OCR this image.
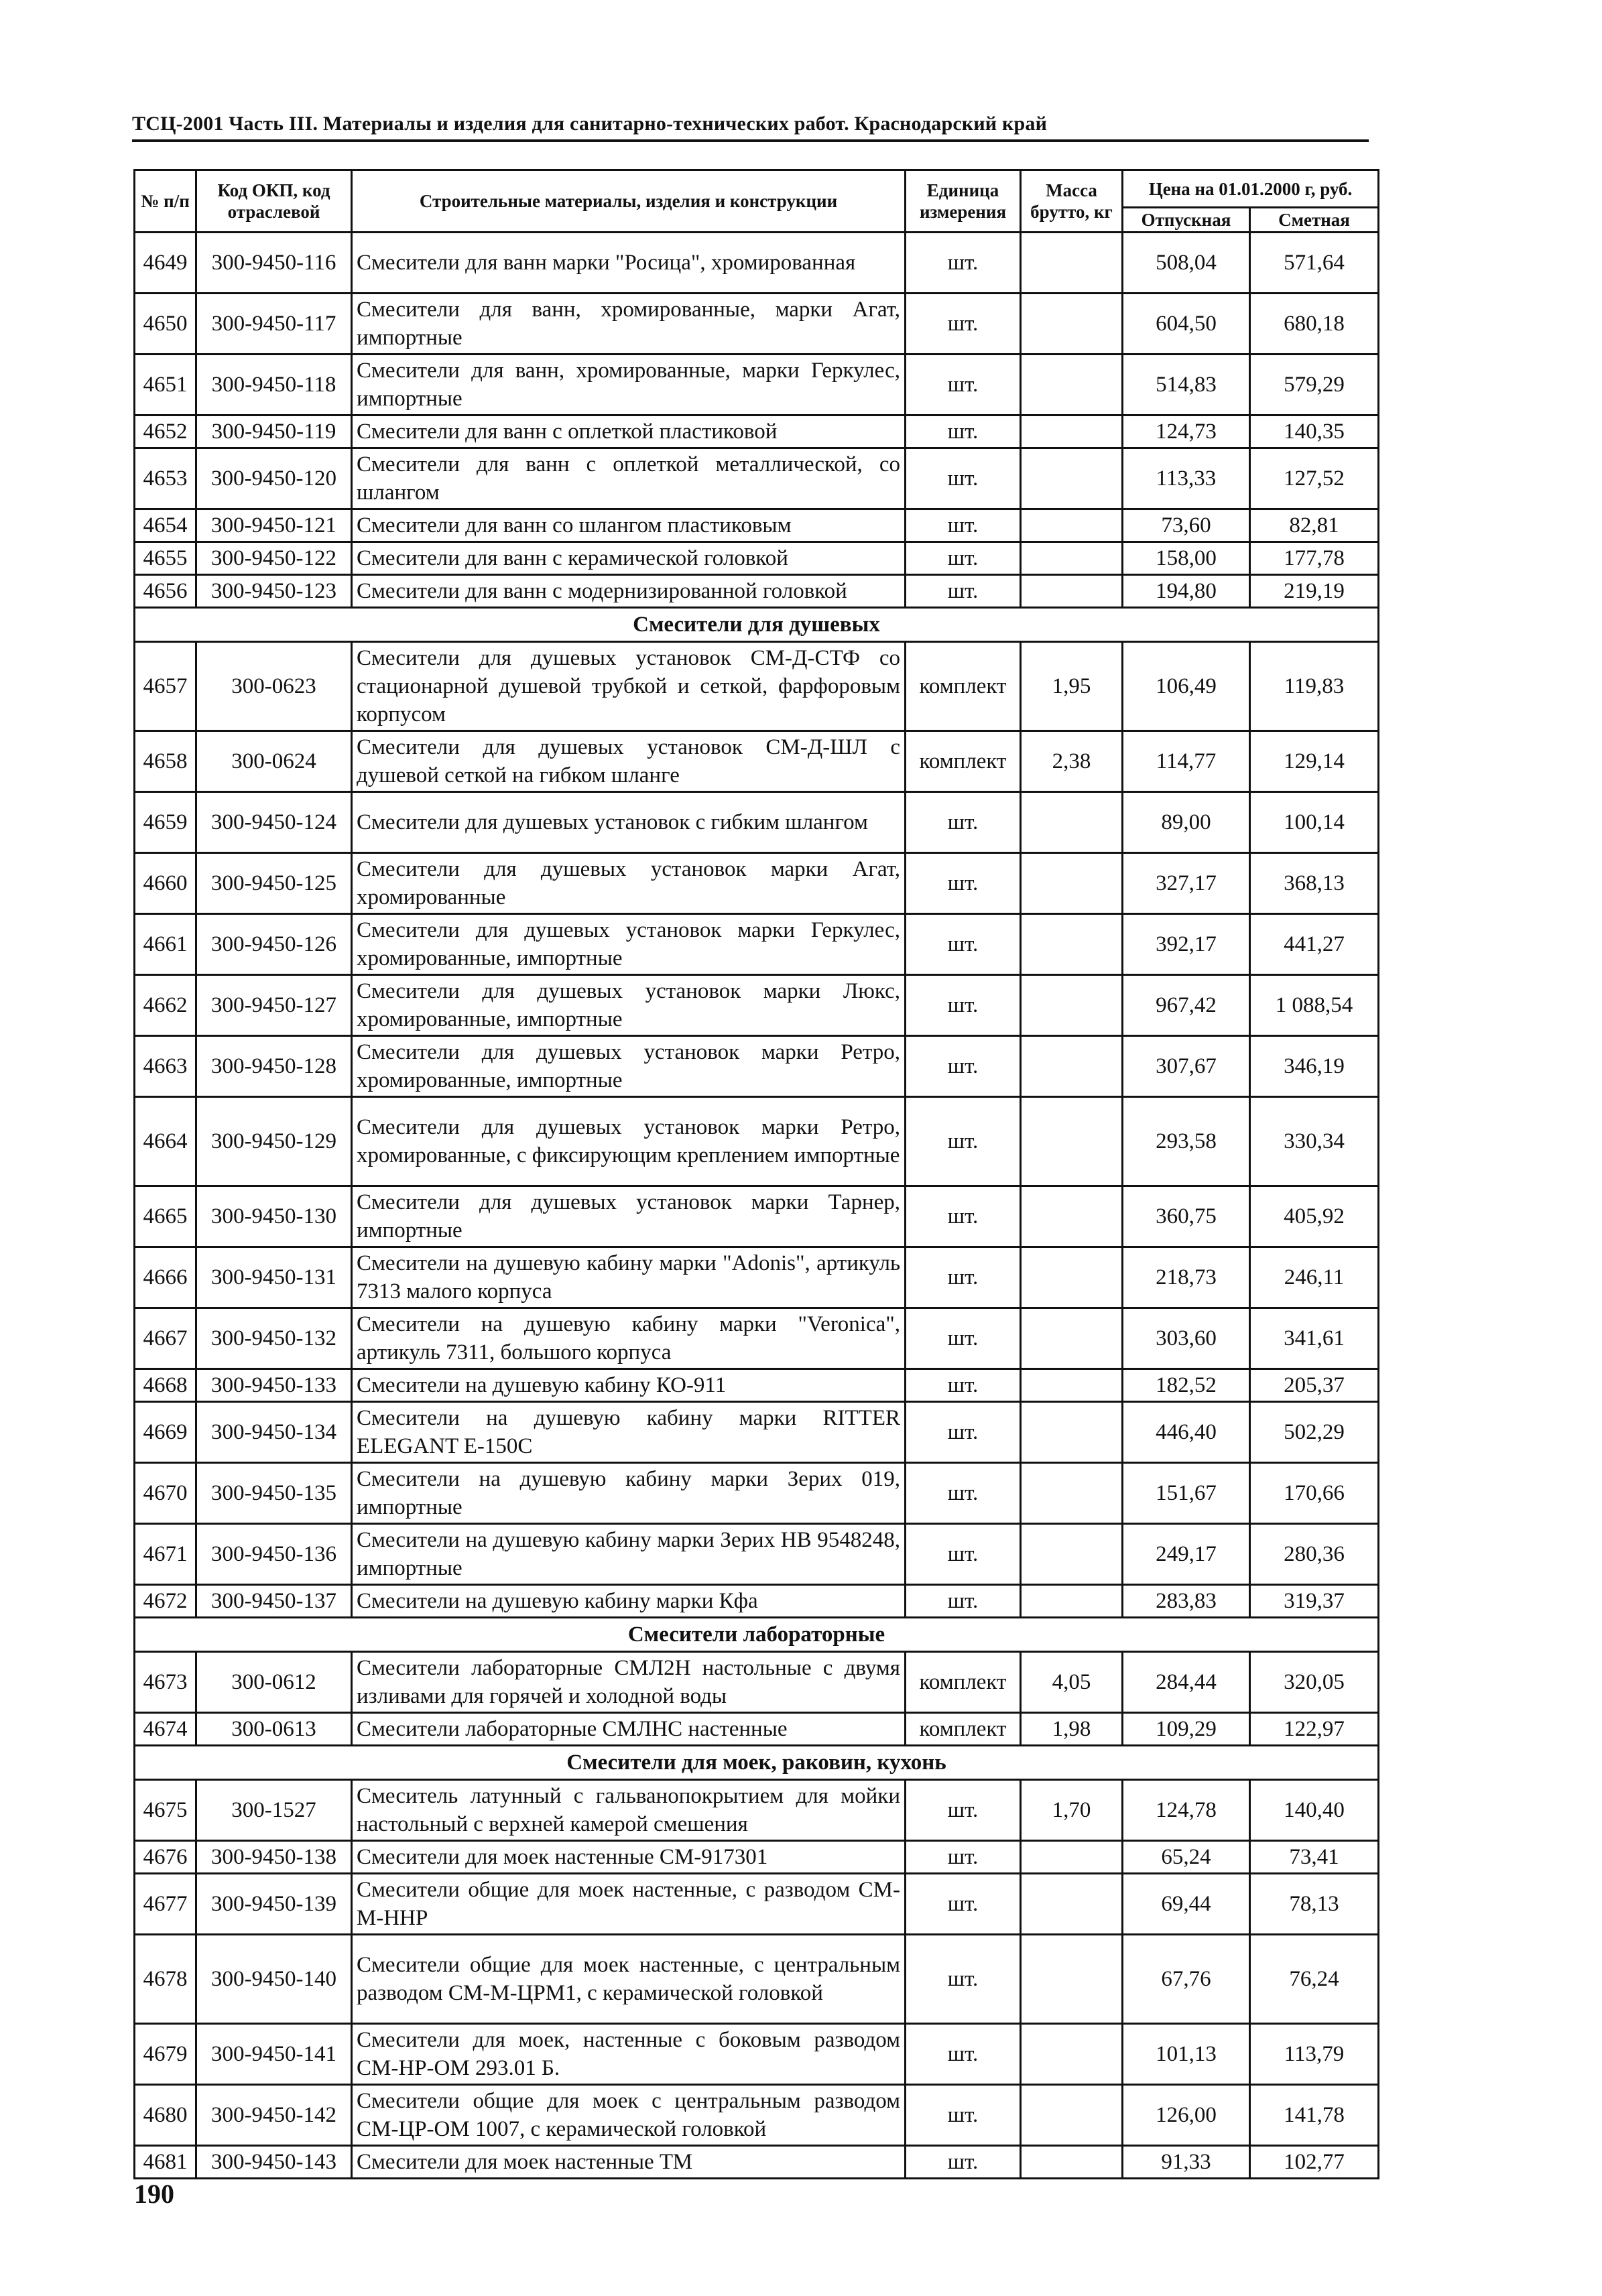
ТСЦ-2001 Часть III. Материалы и изделия для санитарно-технических работ. Краснодарский край
№ п/п	Код ОКП, код отраслевой	Строительные материалы, изделия и конструкции	Единица измерения	Масса брутто, кг	Цена на 01.01.2000 г, руб.	
					Отпускная	Сметная
4649	300-9450-116	Смесители для ванн марки "Росица", хромированная	шт.		508,04	571,64
4650	300-9450-117	Смесители для ванн, хромированные, марки Агат, импортные	шт.		604,50	680,18
4651	300-9450-118	Смесители для ванн, хромированные, марки Геркулес, импортные	шт.		514,83	579,29
4652	300-9450-119	Смесители для ванн с оплеткой пластиковой	шт.		124,73	140,35
4653	300-9450-120	Смесители для ванн с оплеткой металлической, со шлангом	шт.		113,33	127,52
4654	300-9450-121	Смесители для ванн со шлангом пластиковым	шт.		73,60	82,81
4655	300-9450-122	Смесители для ванн с керамической головкой	шт.		158,00	177,78
4656	300-9450-123	Смесители для ванн с модернизированной головкой	шт.		194,80	219,19
Смесители для душевых						
4657	300-0623	Смесители для душевых установок СМ-Д-СТФ со стационарной душевой трубкой и сеткой, фарфоровым корпусом	комплект	1,95	106,49	119,83
4658	300-0624	Смесители для душевых установок СМ-Д-ШЛ с душевой сеткой на гибком шланге	комплект	2,38	114,77	129,14
4659	300-9450-124	Смесители для душевых установок с гибким шлангом	шт.		89,00	100,14
4660	300-9450-125	Смесители для душевых установок марки Агат, хромированные	шт.		327,17	368,13
4661	300-9450-126	Смесители для душевых установок марки Геркулес, хромированные, импортные	шт.		392,17	441,27
4662	300-9450-127	Смесители для душевых установок марки Люкс, хромированные, импортные	шт.		967,42	1 088,54
4663	300-9450-128	Смесители для душевых установок марки Ретро, хромированные, импортные	шт.		307,67	346,19
4664	300-9450-129	Смесители для душевых установок марки Ретро, хромированные, с фиксирующим креплением импортные	шт.		293,58	330,34
4665	300-9450-130	Смесители для душевых установок марки Тарнер, импортные	шт.		360,75	405,92
4666	300-9450-131	Смесители на душевую кабину марки "Adonis", артикуль 7313 малого корпуса	шт.		218,73	246,11
4667	300-9450-132	Смесители на душевую кабину марки "Veronica", артикуль 7311, большого корпуса	шт.		303,60	341,61
4668	300-9450-133	Смесители на душевую кабину КО-911	шт.		182,52	205,37
4669	300-9450-134	Смесители на душевую кабину марки RITTER ELEGANT E-150C	шт.		446,40	502,29
4670	300-9450-135	Смесители на душевую кабину марки Зерих 019, импортные	шт.		151,67	170,66
4671	300-9450-136	Смесители на душевую кабину марки Зерих HB 9548248, импортные	шт.		249,17	280,36
4672	300-9450-137	Смесители на душевую кабину марки Кфа	шт.		283,83	319,37
Смесители лабораторные						
4673	300-0612	Смесители лабораторные СМЛ2Н настольные с двумя изливами для горячей и холодной воды	комплект	4,05	284,44	320,05
4674	300-0613	Смесители лабораторные СМЛНС настенные	комплект	1,98	109,29	122,97
Смесители для моек, раковин, кухонь						
4675	300-1527	Смеситель латунный с гальванопокрытием для мойки настольный с верхней камерой смешения	шт.	1,70	124,78	140,40
4676	300-9450-138	Смесители для моек настенные СМ-917301	шт.		65,24	73,41
4677	300-9450-139	Смесители общие для моек настенные, с разводом СМ-М-ННР	шт.		69,44	78,13
4678	300-9450-140	Смесители общие для моек настенные, с центральным разводом СМ-М-ЦРМ1, с керамической головкой	шт.		67,76	76,24
4679	300-9450-141	Смесители для моек, настенные с боковым разводом СМ-НР-ОМ 293.01 Б.	шт.		101,13	113,79
4680	300-9450-142	Смесители общие для моек с центральным разводом СМ-ЦР-ОМ 1007, с керамической головкой	шт.		126,00	141,78
4681	300-9450-143	Смесители для моек настенные ТМ	шт.		91,33	102,77
190
